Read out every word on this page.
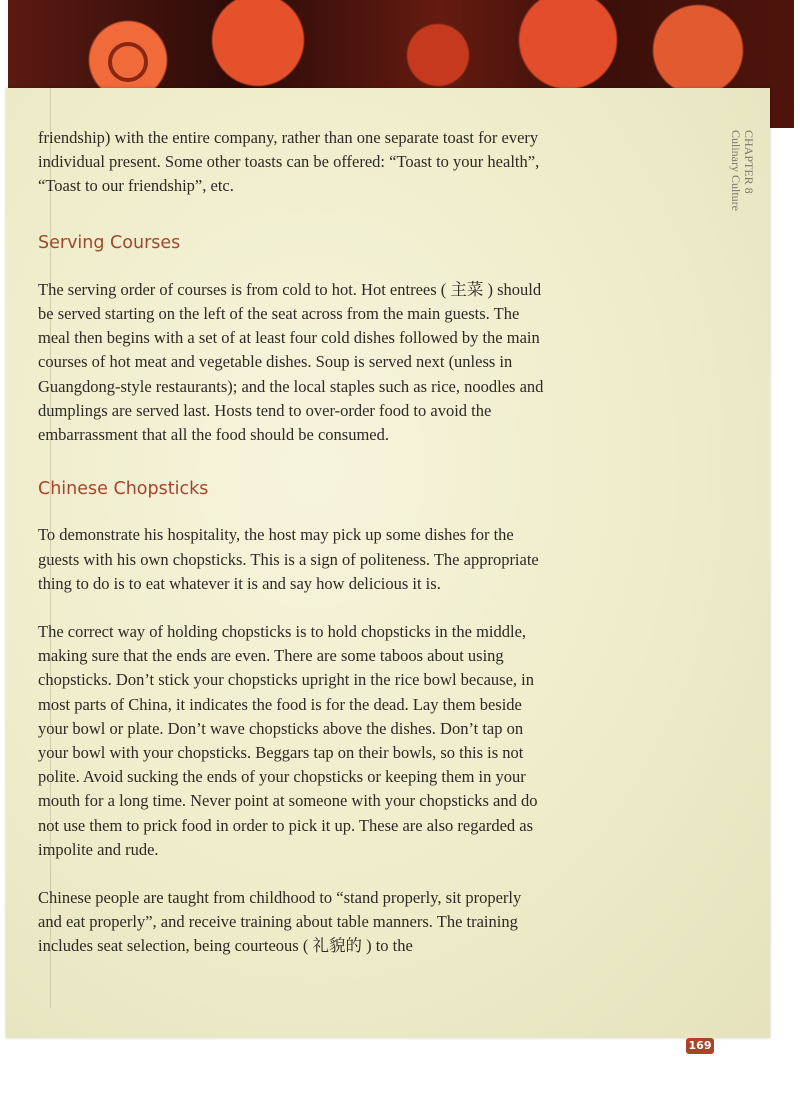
CHAPTER 8
Culinary Culture

friendship) with the entire company, rather than one separate toast for every individual present. Some other toasts can be offered: “Toast to your health”, “Toast to our friendship”, etc.

Serving Courses

The serving order of courses is from cold to hot. Hot entrees ( 主菜 ) should be served starting on the left of the seat across from the main guests. The meal then begins with a set of at least four cold dishes followed by the main courses of hot meat and vegetable dishes. Soup is served next (unless in Guangdong-style restaurants); and the local staples such as rice, noodles and dumplings are served last. Hosts tend to over-order food to avoid the embarrassment that all the food should be consumed.

Chinese Chopsticks

To demonstrate his hospitality, the host may pick up some dishes for the guests with his own chopsticks. This is a sign of politeness. The appropriate thing to do is to eat whatever it is and say how delicious it is.

The correct way of holding chopsticks is to hold chopsticks in the middle, making sure that the ends are even. There are some taboos about using chopsticks. Don’t stick your chopsticks upright in the rice bowl because, in most parts of China, it indicates the food is for the dead. Lay them beside your bowl or plate. Don’t wave chopsticks above the dishes. Don’t tap on your bowl with your chopsticks. Beggars tap on their bowls, so this is not polite. Avoid sucking the ends of your chopsticks or keeping them in your mouth for a long time. Never point at someone with your chopsticks and do not use them to prick food in order to pick it up. These are also regarded as impolite and rude.

Chinese people are taught from childhood to “stand properly, sit properly and eat properly”, and receive training about table manners. The training includes seat selection, being courteous ( 礼貌的 ) to the

169
